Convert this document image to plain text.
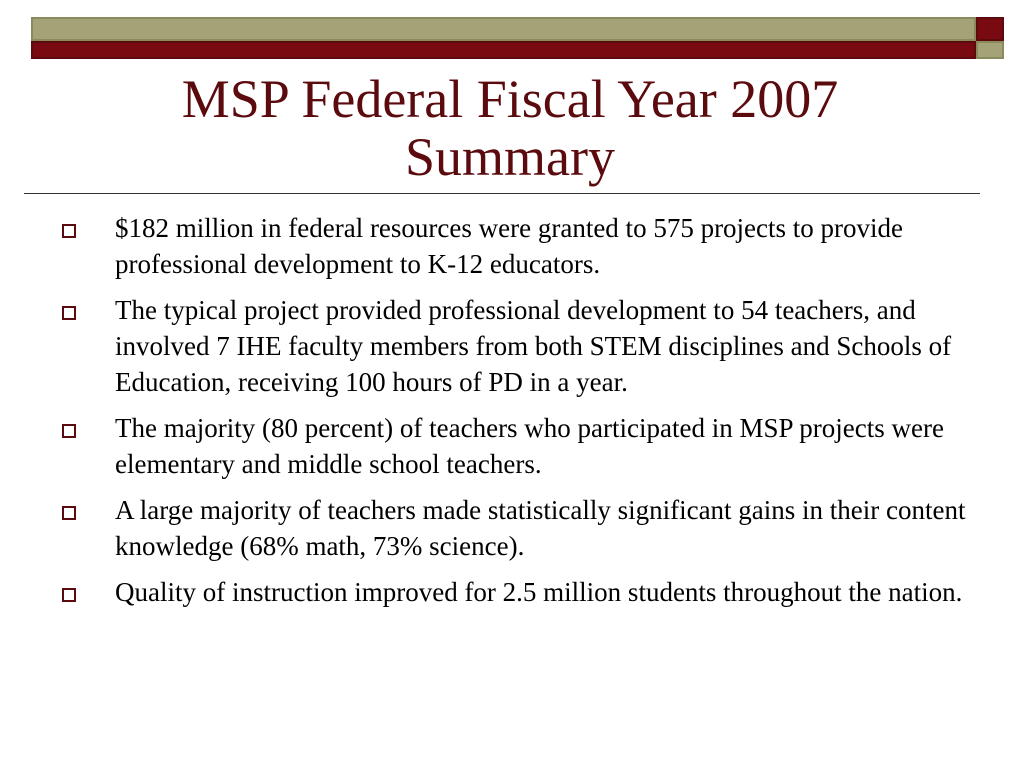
MSP Federal Fiscal Year 2007
Summary
$182 million in federal resources were granted to 575 projects to provide professional development to K-12 educators.
The typical project provided professional development to 54 teachers, and involved 7 IHE faculty members from both STEM disciplines and Schools of Education, receiving 100 hours of PD in a year.
The majority (80 percent) of teachers who participated in MSP projects were elementary and middle school teachers.
A large majority of teachers made statistically significant gains in their content knowledge (68% math, 73% science).
Quality of instruction improved for 2.5 million students throughout the nation.
